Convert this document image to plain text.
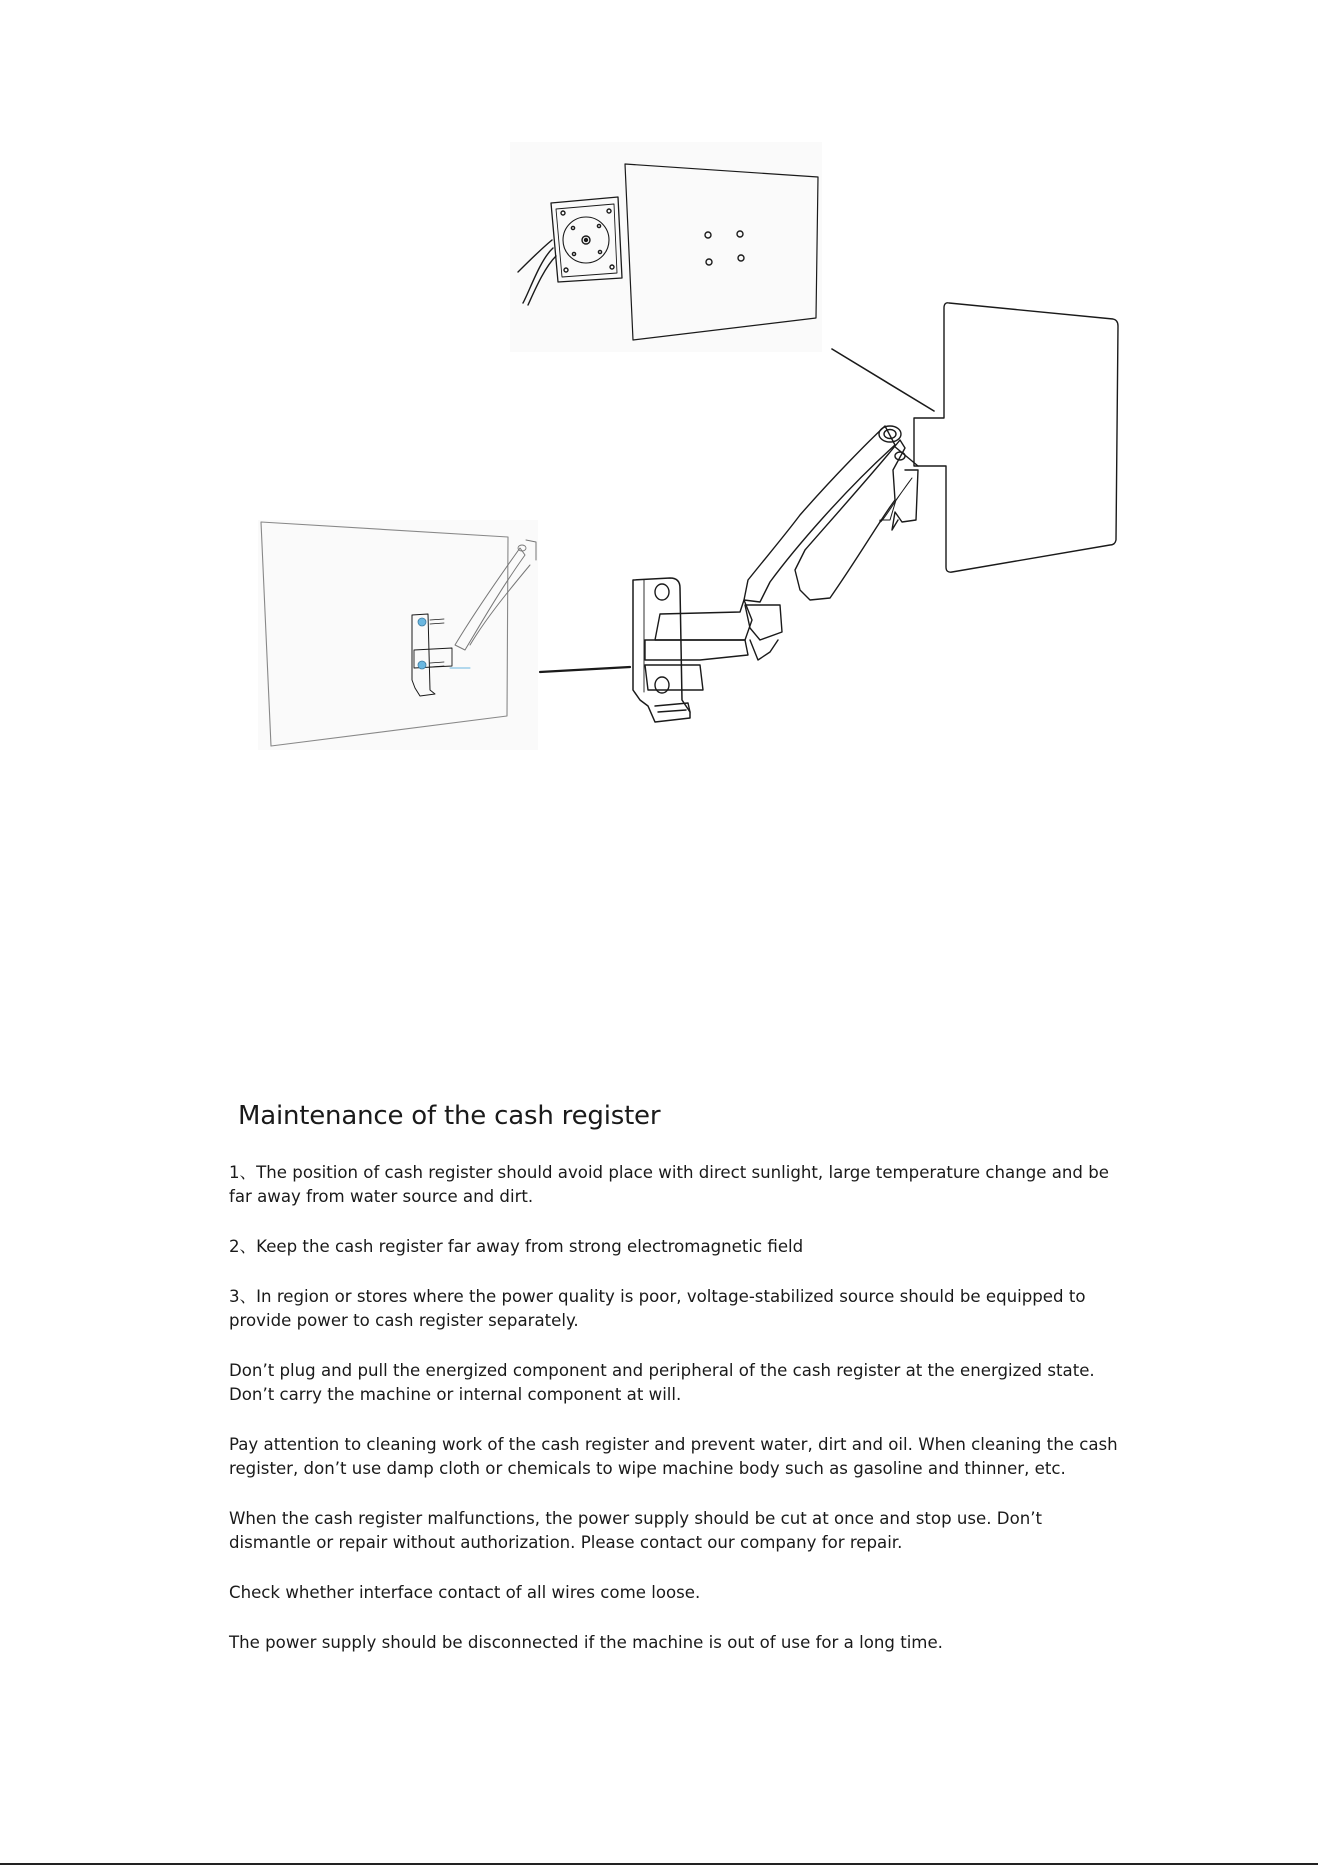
Maintenance of the cash register

1、The position of cash register should avoid place with direct sunlight, large temperature change and be
far away from water source and dirt.

2、Keep the cash register far away from strong electromagnetic field

3、In region or stores where the power quality is poor, voltage-stabilized source should be equipped to
provide power to cash register separately.

Don’t plug and pull the energized component and peripheral of the cash register at the energized state.
Don’t carry the machine or internal component at will.

Pay attention to cleaning work of the cash register and prevent water, dirt and oil. When cleaning the cash
register, don’t use damp cloth or chemicals to wipe machine body such as gasoline and thinner, etc.

When the cash register malfunctions, the power supply should be cut at once and stop use. Don’t
dismantle or repair without authorization. Please contact our company for repair.

Check whether interface contact of all wires come loose.

The power supply should be disconnected if the machine is out of use for a long time.
